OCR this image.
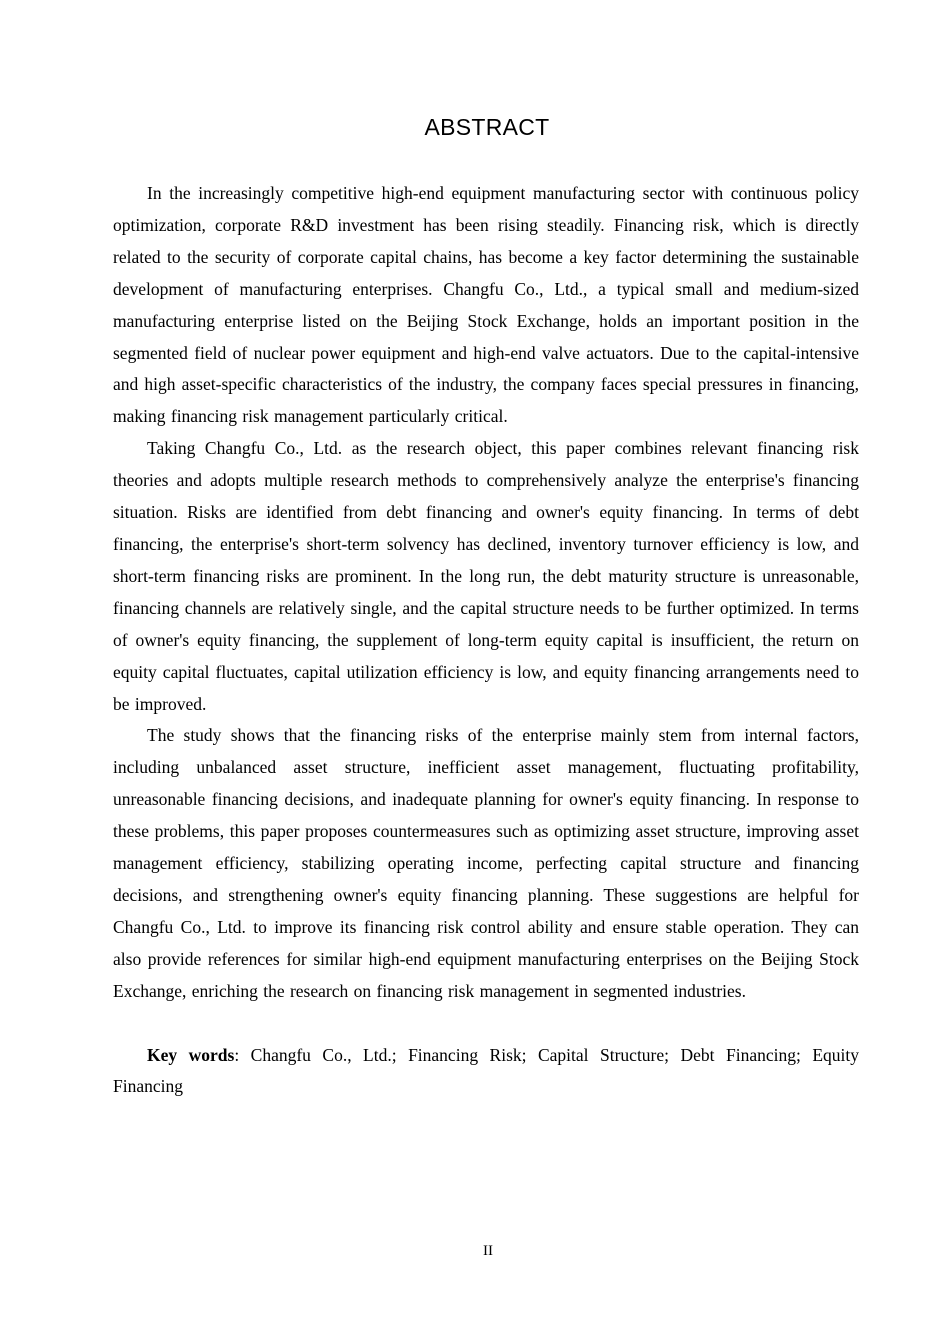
ABSTRACT

In the increasingly competitive high-end equipment manufacturing sector with continuous policy optimization, corporate R&D investment has been rising steadily. Financing risk, which is directly related to the security of corporate capital chains, has become a key factor determining the sustainable development of manufacturing enterprises. Changfu Co., Ltd., a typical small and medium-sized manufacturing enterprise listed on the Beijing Stock Exchange, holds an important position in the segmented field of nuclear power equipment and high-end valve actuators. Due to the capital-intensive and high asset-specific characteristics of the industry, the company faces special pressures in financing, making financing risk management particularly critical.

Taking Changfu Co., Ltd. as the research object, this paper combines relevant financing risk theories and adopts multiple research methods to comprehensively analyze the enterprise's financing situation. Risks are identified from debt financing and owner's equity financing. In terms of debt financing, the enterprise's short-term solvency has declined, inventory turnover efficiency is low, and short-term financing risks are prominent. In the long run, the debt maturity structure is unreasonable, financing channels are relatively single, and the capital structure needs to be further optimized. In terms of owner's equity financing, the supplement of long-term equity capital is insufficient, the return on equity capital fluctuates, capital utilization efficiency is low, and equity financing arrangements need to be improved.

The study shows that the financing risks of the enterprise mainly stem from internal factors, including unbalanced asset structure, inefficient asset management, fluctuating profitability, unreasonable financing decisions, and inadequate planning for owner's equity financing. In response to these problems, this paper proposes countermeasures such as optimizing asset structure, improving asset management efficiency, stabilizing operating income, perfecting capital structure and financing decisions, and strengthening owner's equity financing planning. These suggestions are helpful for Changfu Co., Ltd. to improve its financing risk control ability and ensure stable operation. They can also provide references for similar high-end equipment manufacturing enterprises on the Beijing Stock Exchange, enriching the research on financing risk management in segmented industries.

Key words: Changfu Co., Ltd.; Financing Risk; Capital Structure; Debt Financing; Equity Financing

II
